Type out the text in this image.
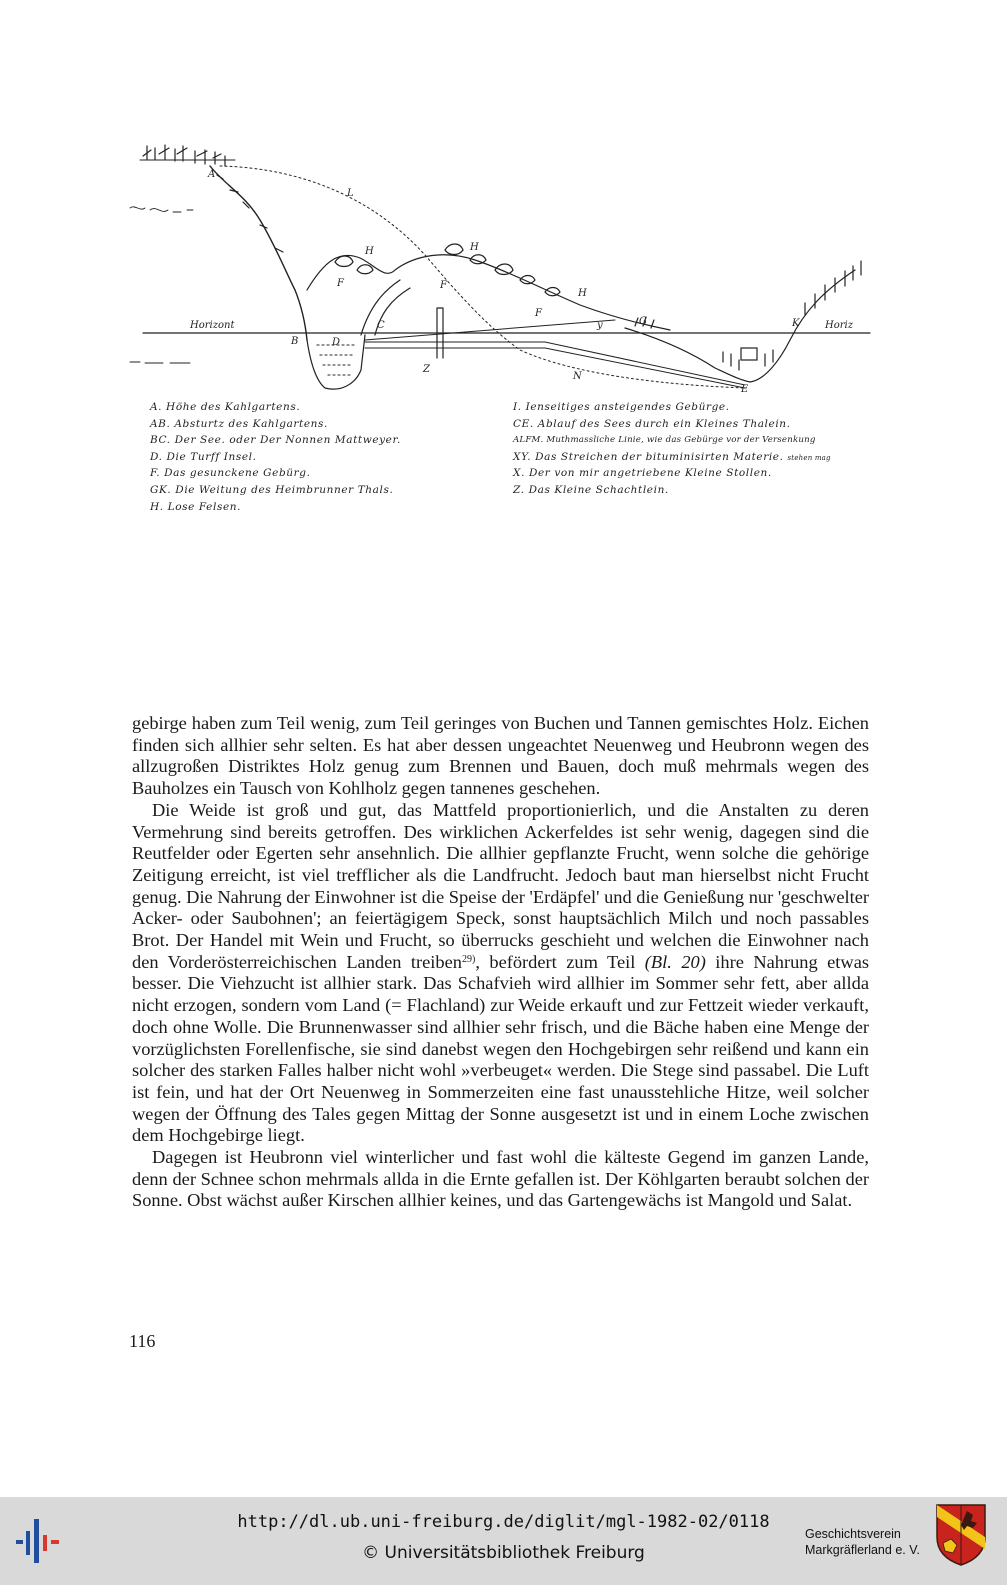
A
L
H	H
H
F	F
F
D
B
C	G
y	K
N
E
Z
Horizont	Horiz
A. Höhe des Kahlgartens.
AB. Absturtz des Kahlgartens.
BC. Der See. oder Der Nonnen Mattweyer.
D. Die Turff Insel.
F. Das gesunckene Gebürg.
GK. Die Weitung des Heimbrunner Thals.
H. Lose Felsen.
I. Ienseitiges ansteigendes Gebürge.
CE. Ablauf des Sees durch ein Kleines Thalein.
ALFM. Muthmassliche Linie, wie das Gebürge vor der Versenkung
XY. Das Streichen der bituminisirten Materie. stehen mag
X. Der von mir angetriebene Kleine Stollen.
Z. Das Kleine Schachtlein.

gebirge haben zum Teil wenig, zum Teil geringes von Buchen und Tannen gemischtes Holz. Eichen finden sich allhier sehr selten. Es hat aber dessen ungeachtet Neuenweg und Heubronn wegen des allzugroßen Distriktes Holz genug zum Brennen und Bauen, doch muß mehrmals wegen des Bauholzes ein Tausch von Kohlholz gegen tannenes geschehen.

Die Weide ist groß und gut, das Mattfeld proportionierlich, und die Anstalten zu deren Vermehrung sind bereits getroffen. Des wirklichen Ackerfeldes ist sehr wenig, dagegen sind die Reutfelder oder Egerten sehr ansehnlich. Die allhier gepflanzte Frucht, wenn solche die gehörige Zeitigung erreicht, ist viel trefflicher als die Landfrucht. Jedoch baut man hierselbst nicht Frucht genug. Die Nahrung der Einwohner ist die Speise der 'Erdäpfel' und die Genießung nur 'geschwelter Acker- oder Saubohnen'; an feiertägigem Speck, sonst hauptsächlich Milch und noch passables Brot. Der Handel mit Wein und Frucht, so überrucks geschieht und welchen die Einwohner nach den Vorderösterreichischen Landen treiben$^{29)}$, befördert zum Teil (Bl. 20) ihre Nahrung etwas besser. Die Viehzucht ist allhier stark. Das Schafvieh wird allhier im Sommer sehr fett, aber allda nicht erzogen, sondern vom Land (= Flachland) zur Weide erkauft und zur Fettzeit wieder verkauft, doch ohne Wolle. Die Brunnenwasser sind allhier sehr frisch, und die Bäche haben eine Menge der vorzüglichsten Forellenfische, sie sind danebst wegen den Hochgebirgen sehr reißend und kann ein solcher des starken Falles halber nicht wohl »verbeuget« werden. Die Stege sind passabel. Die Luft ist fein, und hat der Ort Neuenweg in Sommerzeiten eine fast unausstehliche Hitze, weil solcher wegen der Öffnung des Tales gegen Mittag der Sonne ausgesetzt ist und in einem Loche zwischen dem Hochgebirge liegt.

Dagegen ist Heubronn viel winterlicher und fast wohl die kälteste Gegend im ganzen Lande, denn der Schnee schon mehrmals allda in die Ernte gefallen ist. Der Köhlgarten beraubt solchen der Sonne. Obst wächst außer Kirschen allhier keines, und das Gartengewächs ist Mangold und Salat.

116
http://dl.ub.uni-freiburg.de/diglit/mgl-1982-02/0118
© Universitätsbibliothek Freiburg
Geschichtsverein
Markgräflerland e. V.
